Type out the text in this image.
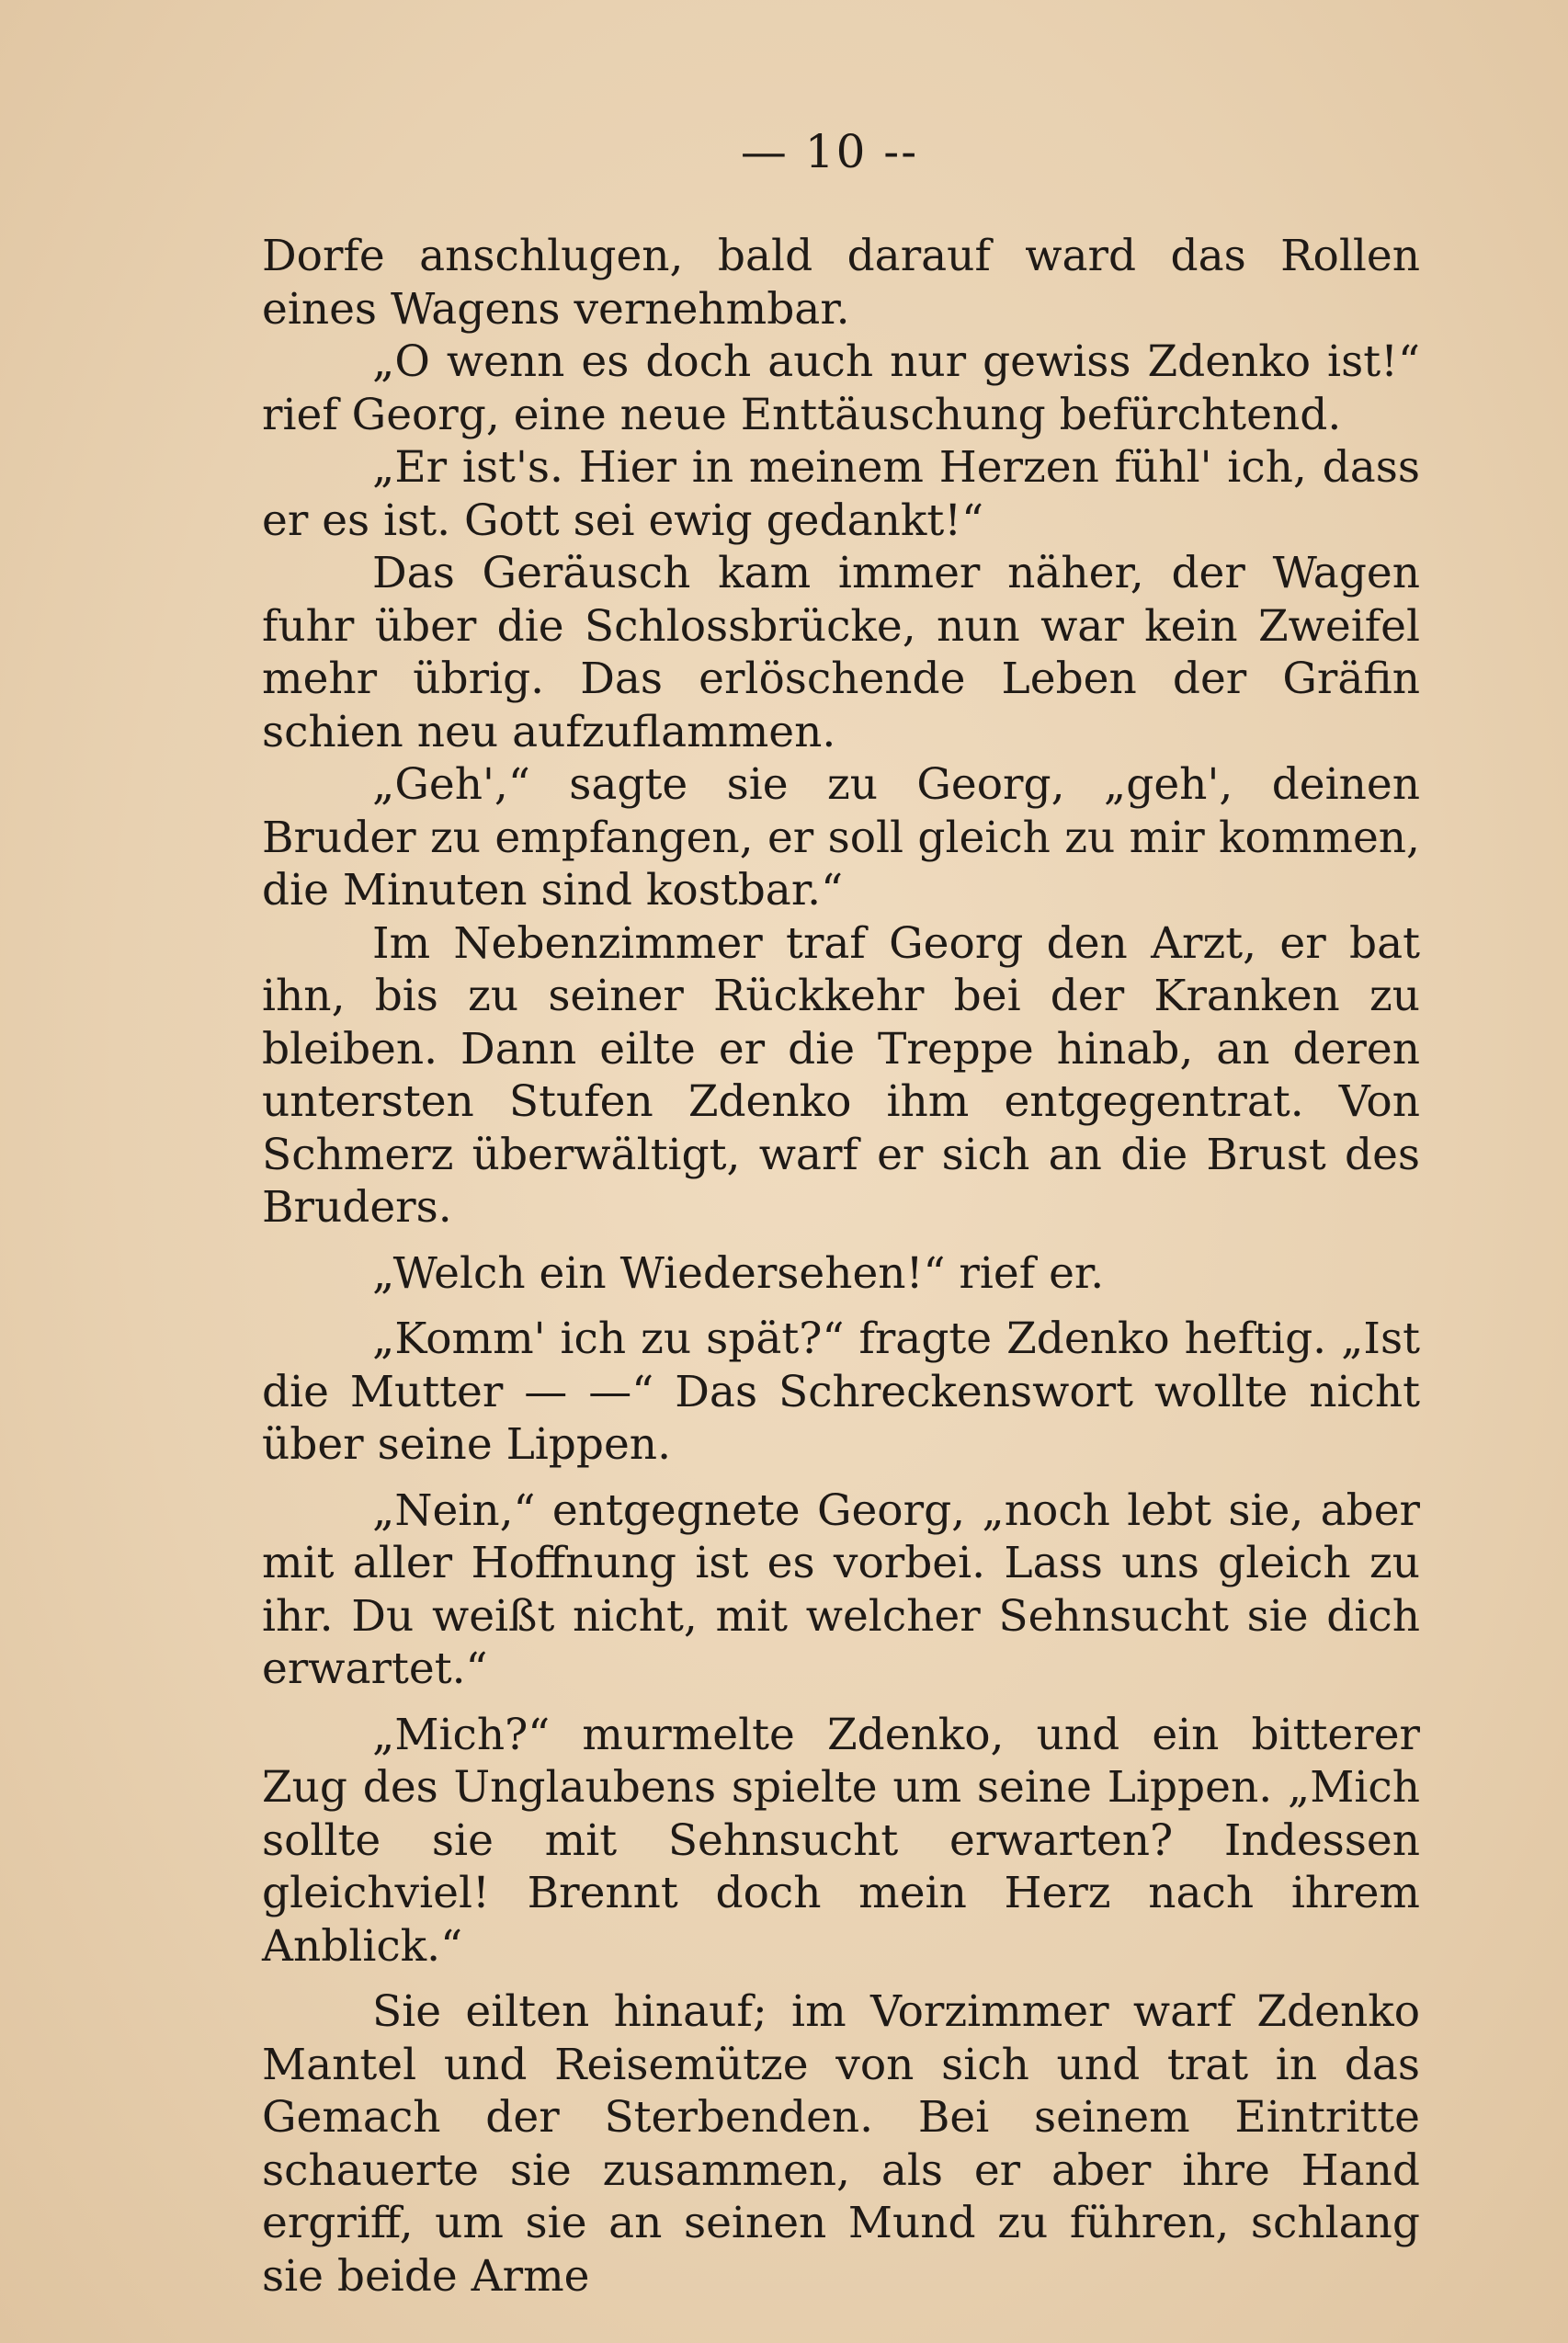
— 10 --

Dorfe anschlugen, bald darauf ward das Rollen eines Wagens vernehmbar.

„O wenn es doch auch nur gewiss Zdenko ist!“ rief Georg, eine neue Enttäuschung befürchtend.

„Er ist's. Hier in meinem Herzen fühl' ich, dass er es ist. Gott sei ewig gedankt!“

Das Geräusch kam immer näher, der Wagen fuhr über die Schlossbrücke, nun war kein Zweifel mehr übrig. Das erlöschende Leben der Gräfin schien neu aufzuflammen.

„Geh',“ sagte sie zu Georg, „geh', deinen Bruder zu empfangen, er soll gleich zu mir kommen, die Minuten sind kostbar.“

Im Nebenzimmer traf Georg den Arzt, er bat ihn, bis zu seiner Rückkehr bei der Kranken zu bleiben. Dann eilte er die Treppe hinab, an deren untersten Stufen Zdenko ihm entgegentrat. Von Schmerz überwältigt, warf er sich an die Brust des Bruders.

„Welch ein Wiedersehen!“ rief er.

„Komm' ich zu spät?“ fragte Zdenko heftig. „Ist die Mutter — —“ Das Schreckenswort wollte nicht über seine Lippen.

„Nein,“ entgegnete Georg, „noch lebt sie, aber mit aller Hoffnung ist es vorbei. Lass uns gleich zu ihr. Du weißt nicht, mit welcher Sehnsucht sie dich erwartet.“

„Mich?“ murmelte Zdenko, und ein bitterer Zug des Unglaubens spielte um seine Lippen. „Mich sollte sie mit Sehnsucht erwarten? Indessen gleichviel! Brennt doch mein Herz nach ihrem Anblick.“

Sie eilten hinauf; im Vorzimmer warf Zdenko Mantel und Reisemütze von sich und trat in das Gemach der Sterbenden. Bei seinem Eintritte schauerte sie zusammen, als er aber ihre Hand ergriff, um sie an seinen Mund zu führen, schlang sie beide Arme
